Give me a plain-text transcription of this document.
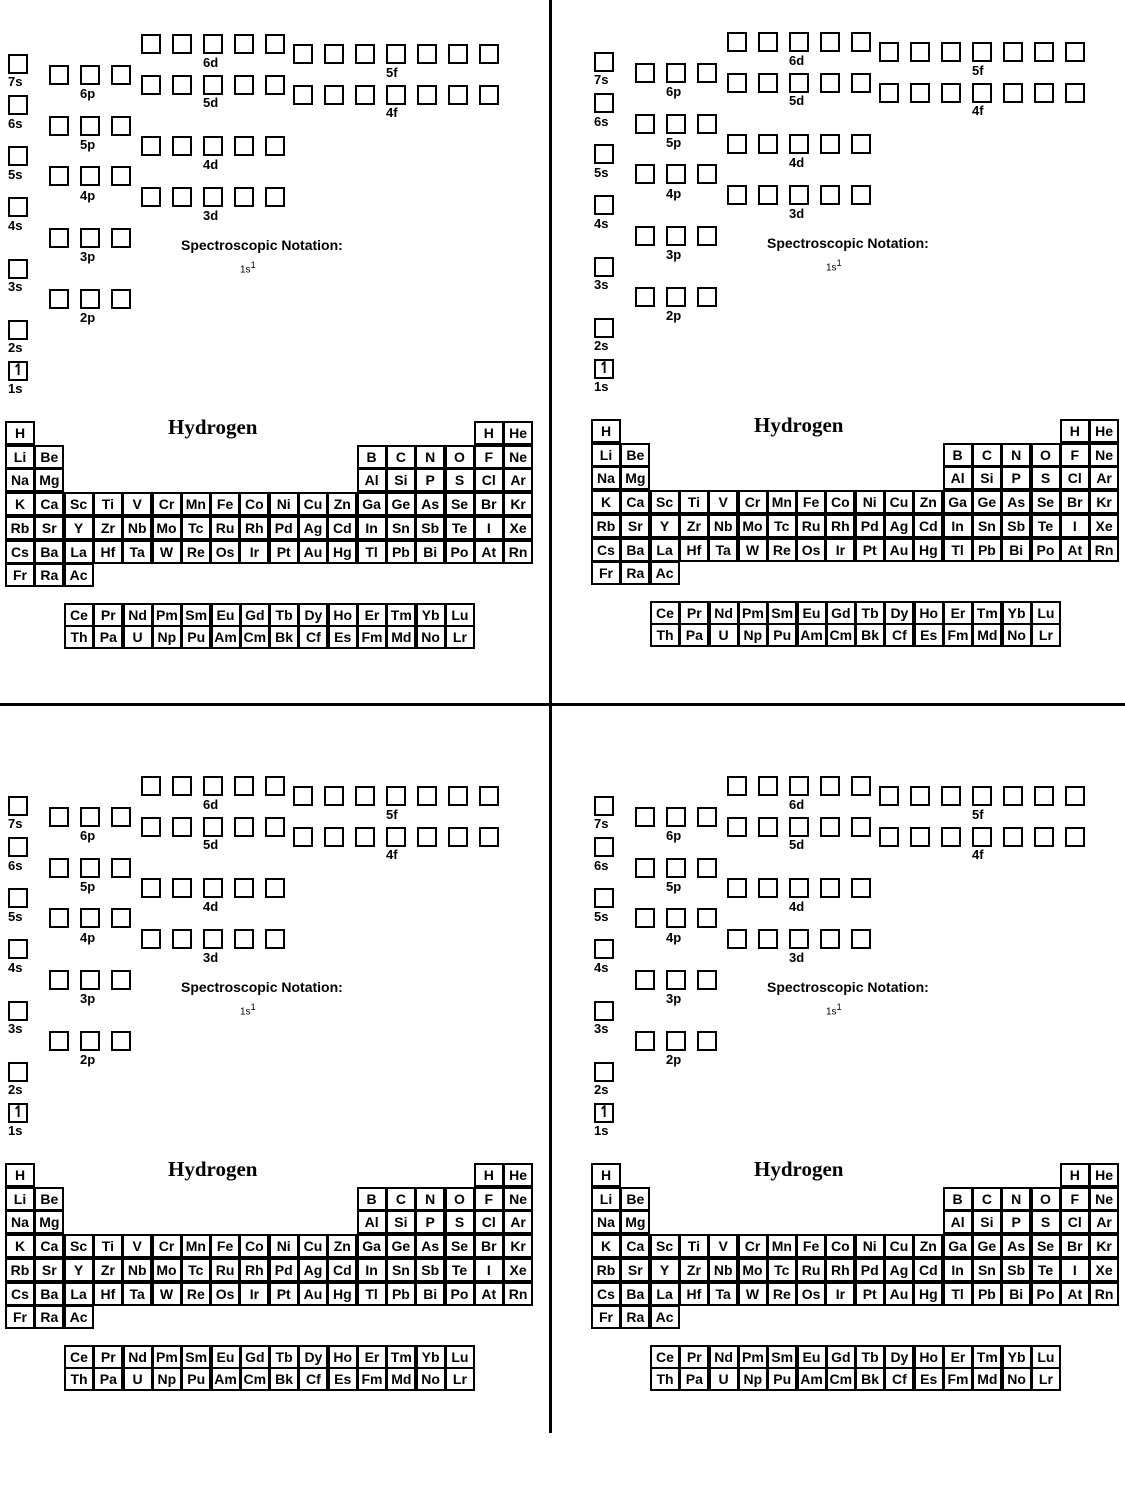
7s
6s
5s
4s
3s
2s
↿
1s
6p
5p
4p
3p
2p
6d
5d
4d
3d
5f
4f
Spectroscopic Notation:
$1s^1$
Hydrogen
H	H	He
Li	Be	B	C	N	O	F	Ne
Na Mg	Al	Si	P	S	Cl	Ar
K	Ca Sc	Ti	V	Cr Mn Fe Co Ni Cu Zn Ga Ge As Se Br Kr
Rb Sr	Y	Zr Nb Mo Tc Ru Rh Pd Ag Cd In	Sn Sb Te	I	Xe
Cs Ba La Hf	Ta	W Re Os	Ir	Pt Au Hg Tl	Pb Bi Po At Rn
Fr Ra Ac
Ce Pr Nd Pm Sm Eu Gd Tb Dy Ho Er Tm Yb Lu
Th Pa	U	Np Pu Am Cm Bk Cf Es Fm Md No Lr
7s
6s
5s
4s
3s
2s
↿
1s
6p
5p
4p
3p
2p
6d
5d
4d
3d
5f
4f
Spectroscopic Notation:
$1s^1$
Hydrogen
H	H	He
Li	Be	B	C	N	O	F	Ne
Na Mg	Al	Si	P	S	Cl	Ar
K	Ca Sc	Ti	V	Cr Mn Fe Co Ni Cu Zn Ga Ge As Se Br Kr
Rb Sr	Y	Zr Nb Mo Tc Ru Rh Pd Ag Cd In	Sn Sb Te	I	Xe
Cs Ba La Hf	Ta	W Re Os	Ir	Pt Au Hg Tl	Pb Bi Po At Rn
Fr Ra Ac
Ce Pr Nd Pm Sm Eu Gd Tb Dy Ho Er Tm Yb Lu
Th Pa	U	Np Pu Am Cm Bk Cf Es Fm Md No Lr
7s
6s
5s
4s
3s
2s
↿
1s
6p
5p
4p
3p
2p
6d
5d
4d
3d
5f
4f
Spectroscopic Notation:
$1s^1$
Hydrogen
H	H	He
Li	Be	B	C	N	O	F	Ne
Na Mg	Al	Si	P	S	Cl	Ar
K	Ca Sc	Ti	V	Cr Mn Fe Co Ni Cu Zn Ga Ge As Se Br Kr
Rb Sr	Y	Zr Nb Mo Tc Ru Rh Pd Ag Cd In	Sn Sb Te	I	Xe
Cs Ba La Hf	Ta	W Re Os	Ir	Pt Au Hg Tl	Pb Bi Po At Rn
Fr Ra Ac
Ce Pr Nd Pm Sm Eu Gd Tb Dy Ho Er Tm Yb Lu
Th Pa	U	Np Pu Am Cm Bk Cf Es Fm Md No Lr
7s
6s
5s
4s
3s
2s
↿
1s
6p
5p
4p
3p
2p
6d
5d
4d
3d
5f
4f
Spectroscopic Notation:
$1s^1$
Hydrogen
H	H	He
Li	Be	B	C	N	O	F	Ne
Na Mg	Al	Si	P	S	Cl	Ar
K	Ca Sc	Ti	V	Cr Mn Fe Co Ni Cu Zn Ga Ge As Se Br Kr
Rb Sr	Y	Zr Nb Mo Tc Ru Rh Pd Ag Cd In	Sn Sb Te	I	Xe
Cs Ba La Hf	Ta	W Re Os	Ir	Pt Au Hg Tl	Pb Bi Po At Rn
Fr Ra Ac
Ce Pr Nd Pm Sm Eu Gd Tb Dy Ho Er Tm Yb Lu
Th Pa	U	Np Pu Am Cm Bk Cf Es Fm Md No Lr
